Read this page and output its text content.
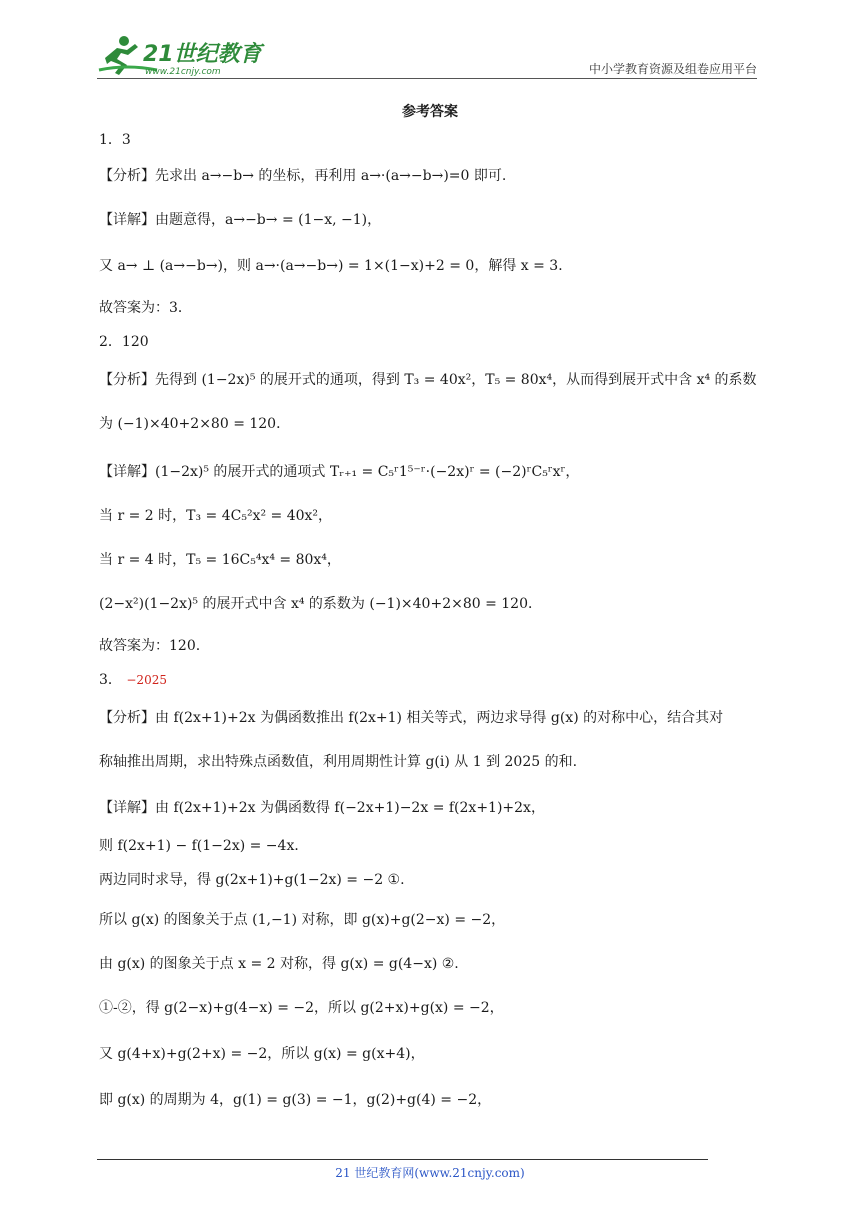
21世纪教育
www.21cnjy.com	中小学教育资源及组卷应用平台
参考答案
1．3
【分析】先求出 a→−b→ 的坐标，再利用 a→·(a→−b→)=0 即可.
【详解】由题意得，a→−b→ = (1−x, −1)，
又 a→ ⊥ (a→−b→)，则 a→·(a→−b→) = 1×(1−x)+2 = 0，解得 x = 3．
故答案为：3．
2．120
【分析】先得到 (1−2x)⁵ 的展开式的通项，得到 T₃ = 40x²，T₅ = 80x⁴，从而得到展开式中含 x⁴ 的系数
为 (−1)×40+2×80 = 120．
【详解】(1−2x)⁵ 的展开式的通项式 Tᵣ₊₁ = C₅ʳ1⁵⁻ʳ·(−2x)ʳ = (−2)ʳC₅ʳxʳ，
当 r = 2 时，T₃ = 4C₅²x² = 40x²，
当 r = 4 时，T₅ = 16C₅⁴x⁴ = 80x⁴，
(2−x²)(1−2x)⁵ 的展开式中含 x⁴ 的系数为 (−1)×40+2×80 = 120．
故答案为：120.
3． −2025
【分析】由 f(2x+1)+2x 为偶函数推出 f(2x+1) 相关等式，两边求导得 g(x) 的对称中心，结合其对
称轴推出周期，求出特殊点函数值，利用周期性计算 g(i) 从 1 到 2025 的和.
【详解】由 f(2x+1)+2x 为偶函数得 f(−2x+1)−2x = f(2x+1)+2x，
则 f(2x+1) − f(1−2x) = −4x．
两边同时求导，得 g(2x+1)+g(1−2x) = −2 ①.
所以 g(x) 的图象关于点 (1,−1) 对称，即 g(x)+g(2−x) = −2，
由 g(x) 的图象关于点 x = 2 对称，得 g(x) = g(4−x) ②.
①-②，得 g(2−x)+g(4−x) = −2，所以 g(2+x)+g(x) = −2，
又 g(4+x)+g(2+x) = −2，所以 g(x) = g(x+4)，
即 g(x) 的周期为 4，g(1) = g(3) = −1，g(2)+g(4) = −2，
21 世纪教育网(www.21cnjy.com)
